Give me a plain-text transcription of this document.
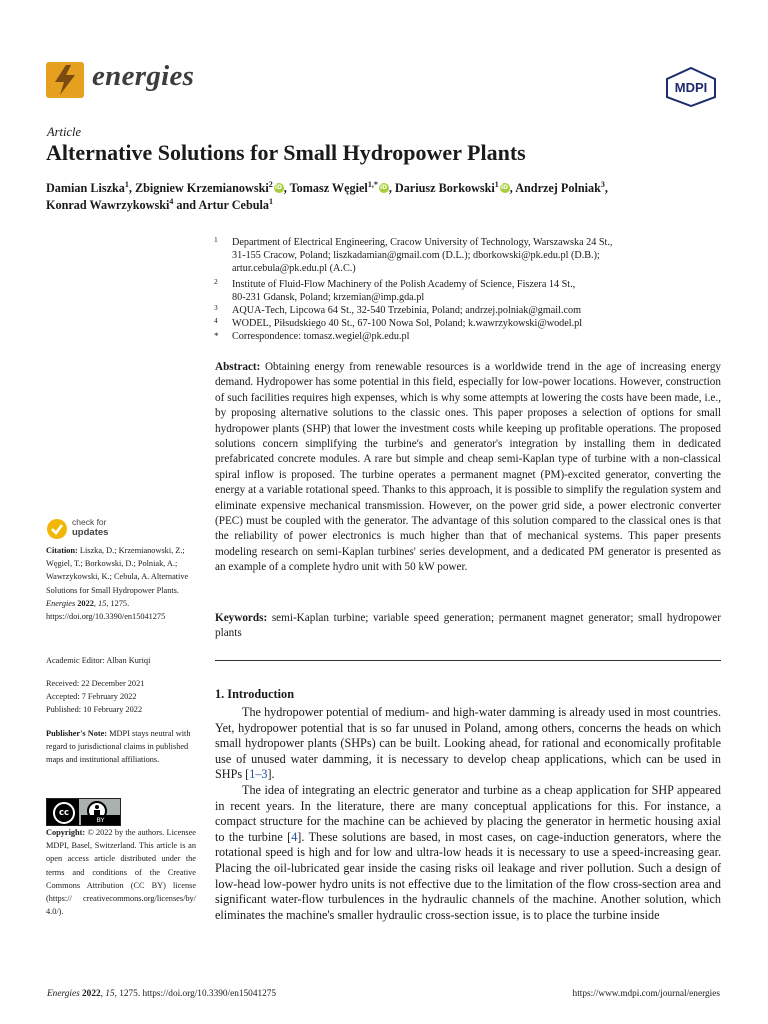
energies	MDPI
Article
Alternative Solutions for Small Hydropower Plants
Damian Liszka$^1$, Zbigniew Krzemianowski$^2$ iD , Tomasz Węgiel$^{1,*}$ iD , Dariusz Borkowski$^1$ iD , Andrzej Polniak$^3$,
Konrad Wawrzykowski$^4$ and Artur Cebula$^1$
1 Department of Electrical Engineering, Cracow University of Technology, Warszawska 24 St.,
31-155 Cracow, Poland; liszkadamian@gmail.com (D.L.); dborkowski@pk.edu.pl (D.B.);
artur.cebula@pk.edu.pl (A.C.)
2 Institute of Fluid-Flow Machinery of the Polish Academy of Science, Fiszera 14 St.,
80-231 Gdansk, Poland; krzemian@imp.gda.pl
3 AQUA-Tech, Lipcowa 64 St., 32-540 Trzebinia, Poland; andrzej.polniak@gmail.com
4 WODEL, Piłsudskiego 40 St., 67-100 Nowa Sol, Poland; k.wawrzykowski@wodel.pl
* Correspondence: tomasz.wegiel@pk.edu.pl
Abstract: Obtaining energy from renewable resources is a worldwide trend in the age of increasing energy demand. Hydropower has some potential in this field, especially for low-power locations. However, construction of such facilities requires high expenses, which is why some attempts at lowering the costs have been made, i.e., by proposing alternative solutions to the classic ones. This paper proposes a selection of options for small hydropower plants (SHP) that lower the investment costs while keeping up profitable operations. The proposed solutions concern simplifying the turbine's and generator's integration by installing them in dedicated prefabricated concrete modules. A rare but simple and cheap semi-Kaplan type of turbine with a non-classical spiral inflow is proposed. The turbine operates a permanent magnet (PM)-excited generator, converting the energy at a variable rotational speed. Thanks to this approach, it is possible to simplify the regulation system and eliminate expensive mechanical transmission. However, on the power grid side, a power electronic converter (PEC) must be coupled with the generator. The advantage of this solution compared to the classical ones is that the reliability of power electronics is much higher than that of mechanical systems. This paper presents modeling research on semi-Kaplan turbines' series development, and a dedicated PM generator is presented as an example of a complete hydro unit with 50 kW power.
Keywords: semi-Kaplan turbine; variable speed generation; permanent magnet generator; small hydropower plants
check for
updates
Citation: Liszka, D.; Krzemianowski, Z.; Węgiel, T.; Borkowski, D.; Polniak, A.; Wawrzykowski, K.; Cebula, A. Alternative Solutions for Small Hydropower Plants. Energies 2022, 15, 1275. https://doi.org/10.3390/en15041275
Academic Editor: Alban Kuriqi
Received: 22 December 2021
Accepted: 7 February 2022
Published: 10 February 2022
Publisher's Note: MDPI stays neutral with regard to jurisdictional claims in published maps and institutional affiliations.
cc
BY
Copyright: © 2022 by the authors. Licensee MDPI, Basel, Switzerland. This article is an open access article distributed under the terms and conditions of the Creative Commons Attribution (CC BY) license (https:// creativecommons.org/licenses/by/ 4.0/).
1. Introduction
The hydropower potential of medium- and high-water damming is already used in most countries. Yet, hydropower potential that is so far unused in Poland, among others, concerns the heads on which small hydropower plants (SHPs) can be built. Looking ahead, for rational and economically profitable use of unused water damming, it is necessary to develop cheap applications, which can be used in SHPs [1–3].
The idea of integrating an electric generator and turbine as a cheap application for SHP appeared in recent years. In the literature, there are many conceptual applications for this. For instance, a compact structure for the machine can be achieved by placing the generator in hermetic housing axial to the turbine [4]. These solutions are based, in most cases, on cage-induction generators, where the rotational speed is high and for low and ultra-low heads it is necessary to use a speed-increasing gear. Placing the oil-lubricated gear inside the casing risks oil leakage and river pollution. Such a design of low-head low-power hydro units is not effective due to the limitation of the flow cross-section area and significant water-flow turbulences in the hydraulic channels of the machine. Another solution, which eliminates the machine's smaller hydraulic cross-section issue, is to place the turbine inside
Energies 2022, 15, 1275. https://doi.org/10.3390/en15041275	https://www.mdpi.com/journal/energies
